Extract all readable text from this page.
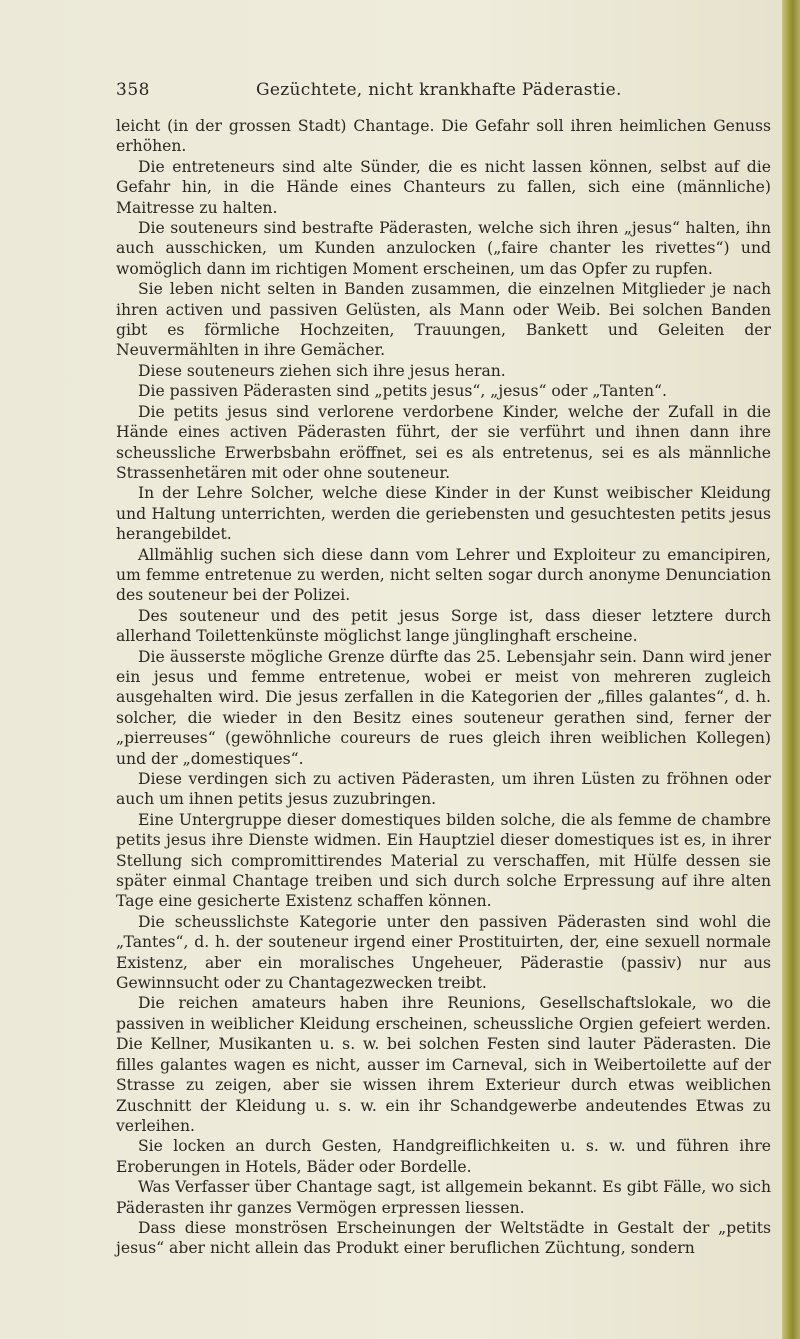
358	Gezüchtete, nicht krankhafte Päderastie.

leicht (in der grossen Stadt) Chantage. Die Gefahr soll ihren heimlichen Genuss erhöhen.

Die entreteneurs sind alte Sünder, die es nicht lassen können, selbst auf die Gefahr hin, in die Hände eines Chanteurs zu fallen, sich eine (männliche) Maitresse zu halten.

Die souteneurs sind bestrafte Päderasten, welche sich ihren „jesus“ halten, ihn auch ausschicken, um Kunden anzulocken („faire chanter les rivettes“) und womöglich dann im richtigen Moment erscheinen, um das Opfer zu rupfen.

Sie leben nicht selten in Banden zusammen, die einzelnen Mitglieder je nach ihren activen und passiven Gelüsten, als Mann oder Weib. Bei solchen Banden gibt es förmliche Hochzeiten, Trauungen, Bankett und Geleiten der Neuvermählten in ihre Gemächer.

Diese souteneurs ziehen sich ihre jesus heran.

Die passiven Päderasten sind „petits jesus“, „jesus“ oder „Tanten“.

Die petits jesus sind verlorene verdorbene Kinder, welche der Zufall in die Hände eines activen Päderasten führt, der sie verführt und ihnen dann ihre scheussliche Erwerbsbahn eröffnet, sei es als entretenus, sei es als männliche Strassenhetären mit oder ohne souteneur.

In der Lehre Solcher, welche diese Kinder in der Kunst weibischer Kleidung und Haltung unterrichten, werden die geriebensten und gesuchtesten petits jesus herangebildet.

Allmählig suchen sich diese dann vom Lehrer und Exploiteur zu emancipiren, um femme entretenue zu werden, nicht selten sogar durch anonyme Denunciation des souteneur bei der Polizei.

Des souteneur und des petit jesus Sorge ist, dass dieser letztere durch allerhand Toilettenkünste möglichst lange jünglinghaft erscheine.

Die äusserste mögliche Grenze dürfte das 25. Lebensjahr sein. Dann wird jener ein jesus und femme entretenue, wobei er meist von mehreren zugleich ausgehalten wird. Die jesus zerfallen in die Kategorien der „filles galantes“, d. h. solcher, die wieder in den Besitz eines souteneur gerathen sind, ferner der „pierreuses“ (gewöhnliche coureurs de rues gleich ihren weiblichen Kollegen) und der „domestiques“.

Diese verdingen sich zu activen Päderasten, um ihren Lüsten zu fröhnen oder auch um ihnen petits jesus zuzubringen.

Eine Untergruppe dieser domestiques bilden solche, die als femme de chambre petits jesus ihre Dienste widmen. Ein Hauptziel dieser domestiques ist es, in ihrer Stellung sich compromittirendes Material zu verschaffen, mit Hülfe dessen sie später einmal Chantage treiben und sich durch solche Erpressung auf ihre alten Tage eine gesicherte Existenz schaffen können.

Die scheusslichste Kategorie unter den passiven Päderasten sind wohl die „Tantes“, d. h. der souteneur irgend einer Prostituirten, der, eine sexuell normale Existenz, aber ein moralisches Ungeheuer, Päderastie (passiv) nur aus Gewinnsucht oder zu Chantagezwecken treibt.

Die reichen amateurs haben ihre Reunions, Gesellschaftslokale, wo die passiven in weiblicher Kleidung erscheinen, scheussliche Orgien gefeiert werden. Die Kellner, Musikanten u. s. w. bei solchen Festen sind lauter Päderasten. Die filles galantes wagen es nicht, ausser im Carneval, sich in Weibertoilette auf der Strasse zu zeigen, aber sie wissen ihrem Exterieur durch etwas weiblichen Zuschnitt der Kleidung u. s. w. ein ihr Schandgewerbe andeutendes Etwas zu verleihen.

Sie locken an durch Gesten, Handgreiflichkeiten u. s. w. und führen ihre Eroberungen in Hotels, Bäder oder Bordelle.

Was Verfasser über Chantage sagt, ist allgemein bekannt. Es gibt Fälle, wo sich Päderasten ihr ganzes Vermögen erpressen liessen.

Dass diese monströsen Erscheinungen der Weltstädte in Gestalt der „petits jesus“ aber nicht allein das Produkt einer beruflichen Züchtung, sondern
